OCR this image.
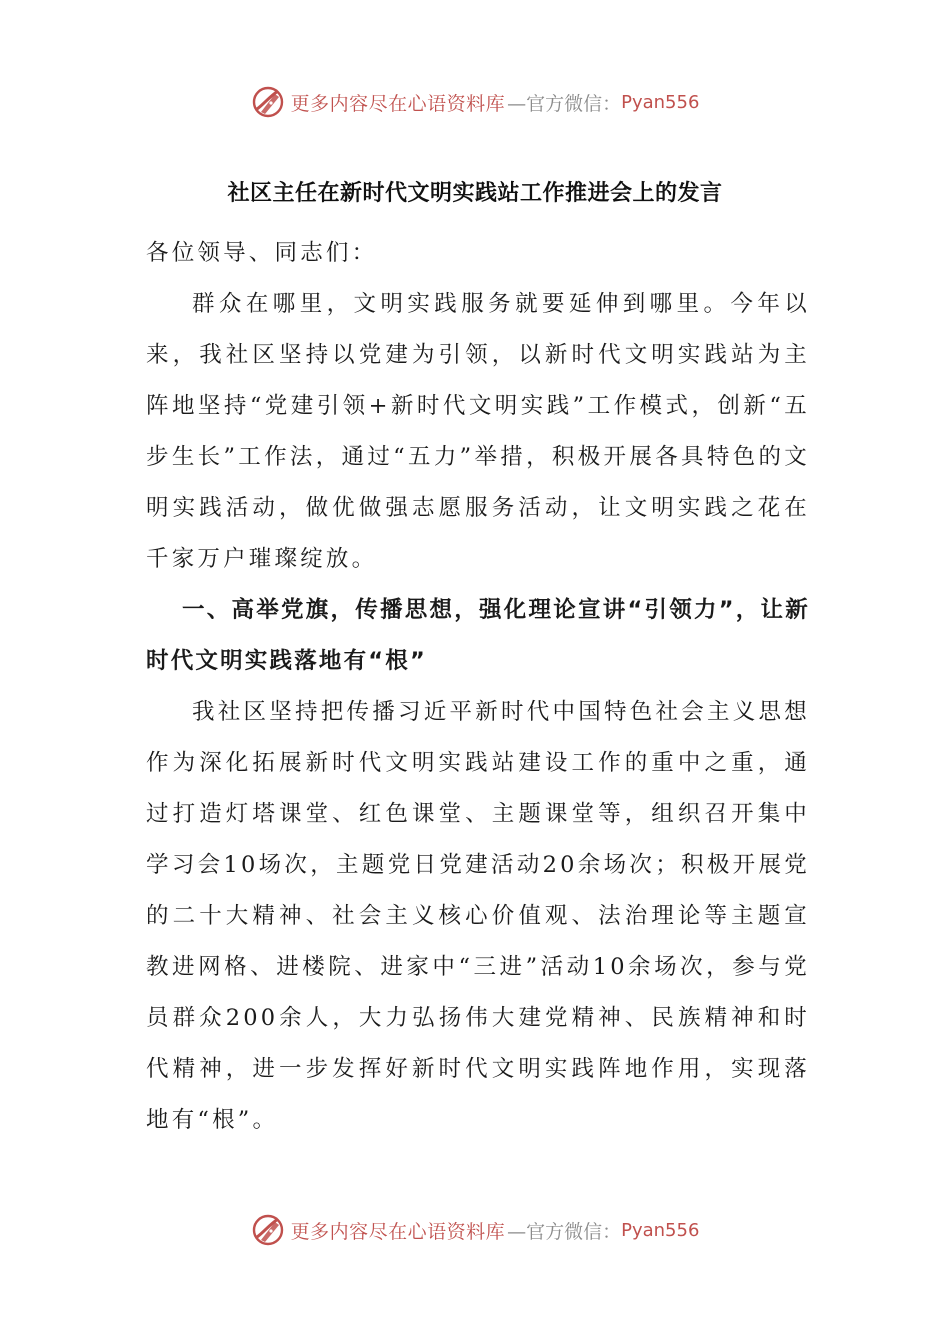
更多内容尽在心语资料库 —官方微信： Pyan556
社区主任在新时代文明实践站工作推进会上的发言

各位领导、同志们：

群众在哪里，文明实践服务就要延伸到哪里。今年以来，我社区坚持以党建为引领，以新时代文明实践站为主阵地坚持“党建引领+新时代文明实践”工作模式，创新“五步生长”工作法，通过“五力”举措，积极开展各具特色的文明实践活动，做优做强志愿服务活动，让文明实践之花在千家万户璀璨绽放。

一、高举党旗，传播思想，强化理论宣讲“引领力”，让新时代文明实践落地有“根”

我社区坚持把传播习近平新时代中国特色社会主义思想作为深化拓展新时代文明实践站建设工作的重中之重，通过打造灯塔课堂、红色课堂、主题课堂等，组织召开集中学习会10场次，主题党日党建活动20余场次；积极开展党的二十大精神、社会主义核心价值观、法治理论等主题宣教进网格、进楼院、进家中“三进”活动10余场次，参与党员群众200余人，大力弘扬伟大建党精神、民族精神和时代精神，进一步发挥好新时代文明实践阵地作用，实现落地有“根”。

更多内容尽在心语资料库 —官方微信： Pyan556
